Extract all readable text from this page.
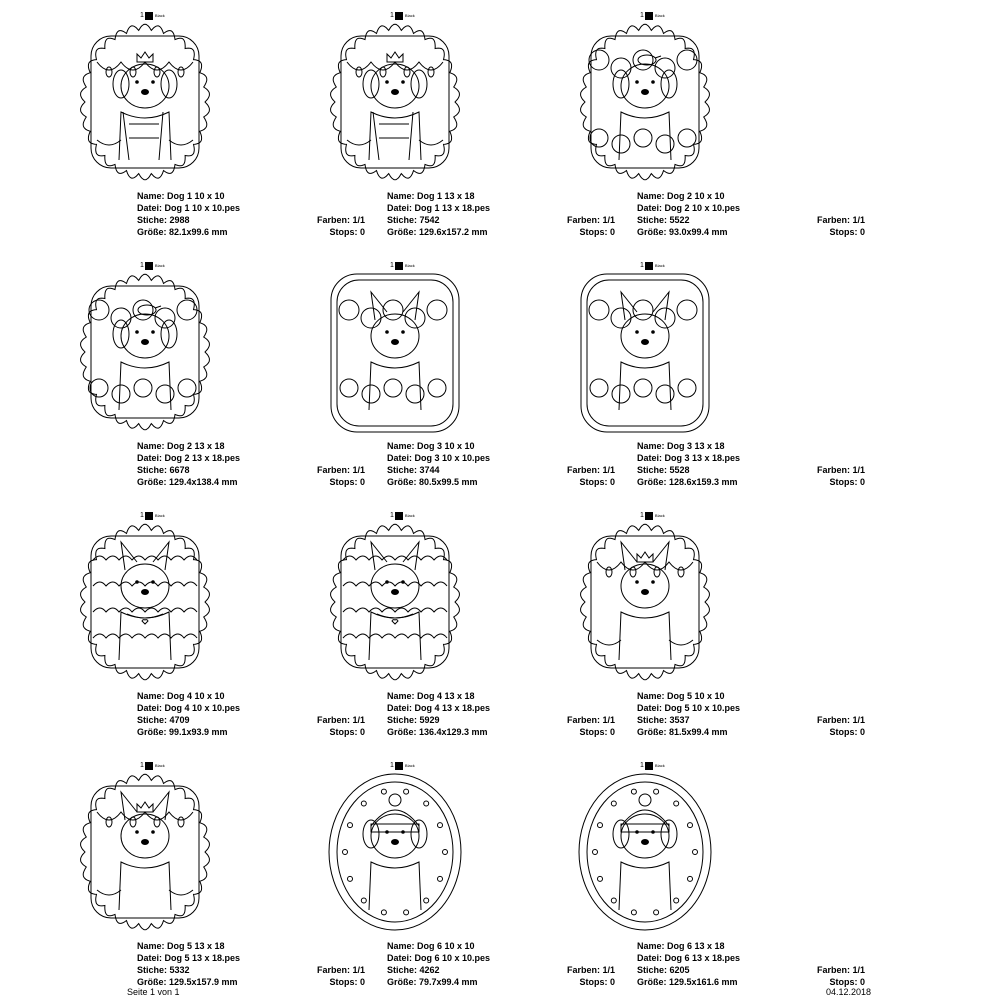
1	Black
Name: Dog 1 10 x 10
Datei: Dog 1 10 x 10.pes
Stiche: 2988	Farben: 1/1
Größe: 82.1x99.6 mm	Stops: 0
1	Black
Name: Dog 1 13 x 18
Datei: Dog 1 13 x 18.pes
Stiche: 7542	Farben: 1/1
Größe: 129.6x157.2 mm	Stops: 0
1	Black
Name: Dog 2 10 x 10
Datei: Dog 2 10 x 10.pes
Stiche: 5522	Farben: 1/1
Größe: 93.0x99.4 mm	Stops: 0
1	Black
Name: Dog 2 13 x 18
Datei: Dog 2 13 x 18.pes
Stiche: 6678	Farben: 1/1
Größe: 129.4x138.4 mm	Stops: 0
1	Black
Name: Dog 3 10 x 10
Datei: Dog 3 10 x 10.pes
Stiche: 3744	Farben: 1/1
Größe: 80.5x99.5 mm	Stops: 0
1	Black
Name: Dog 3 13 x 18
Datei: Dog 3 13 x 18.pes
Stiche: 5528	Farben: 1/1
Größe: 128.6x159.3 mm	Stops: 0
1	Black
Name: Dog 4 10 x 10
Datei: Dog 4 10 x 10.pes
Stiche: 4709	Farben: 1/1
Größe: 99.1x93.9 mm	Stops: 0
1	Black
Name: Dog 4 13 x 18
Datei: Dog 4 13 x 18.pes
Stiche: 5929	Farben: 1/1
Größe: 136.4x129.3 mm	Stops: 0
1	Black
Name: Dog 5 10 x 10
Datei: Dog 5 10 x 10.pes
Stiche: 3537	Farben: 1/1
Größe: 81.5x99.4 mm	Stops: 0
1	Black
Name: Dog 5 13 x 18
Datei: Dog 5 13 x 18.pes
Stiche: 5332	Farben: 1/1
Größe: 129.5x157.9 mm	Stops: 0
1	Black
Name: Dog 6 10 x 10
Datei: Dog 6 10 x 10.pes
Stiche: 4262	Farben: 1/1
Größe: 79.7x99.4 mm	Stops: 0
1	Black
Name: Dog 6 13 x 18
Datei: Dog 6 13 x 18.pes
Stiche: 6205	Farben: 1/1
Größe: 129.5x161.6 mm	Stops: 0
Seite 1 von 1	04.12.2018
